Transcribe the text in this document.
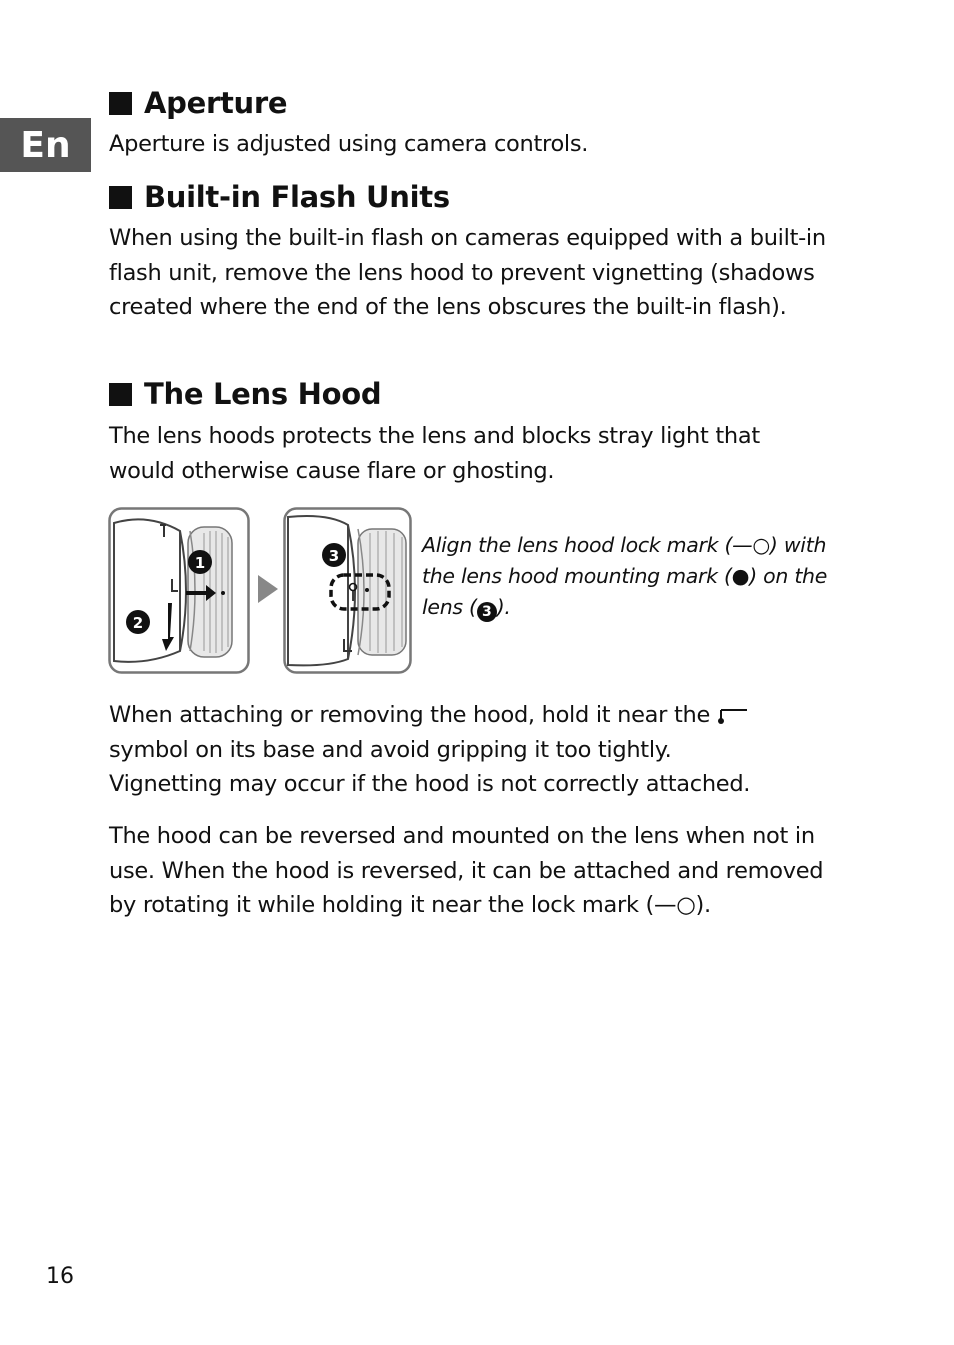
En
Aperture

Aperture is adjusted using camera controls.

Built-in Flash Units

When using the built-in flash on cameras equipped with a built-in flash unit, remove the lens hood to prevent vignetting (shadows created where the end of the lens obscures the built-in flash).

The Lens Hood

The lens hoods protects the lens and blocks stray light that would otherwise cause flare or ghosting.

Align the lens hood lock mark (—○) with the lens hood mounting mark (●) on the lens ( 3 ).

When attaching or removing the hood, hold it near the
symbol on its base and avoid gripping it too tightly.
Vignetting may occur if the hood is not correctly attached.

The hood can be reversed and mounted on the lens when not in use. When the hood is reversed, it can be attached and removed by rotating it while holding it near the lock mark (—○).

1
2
3
16
